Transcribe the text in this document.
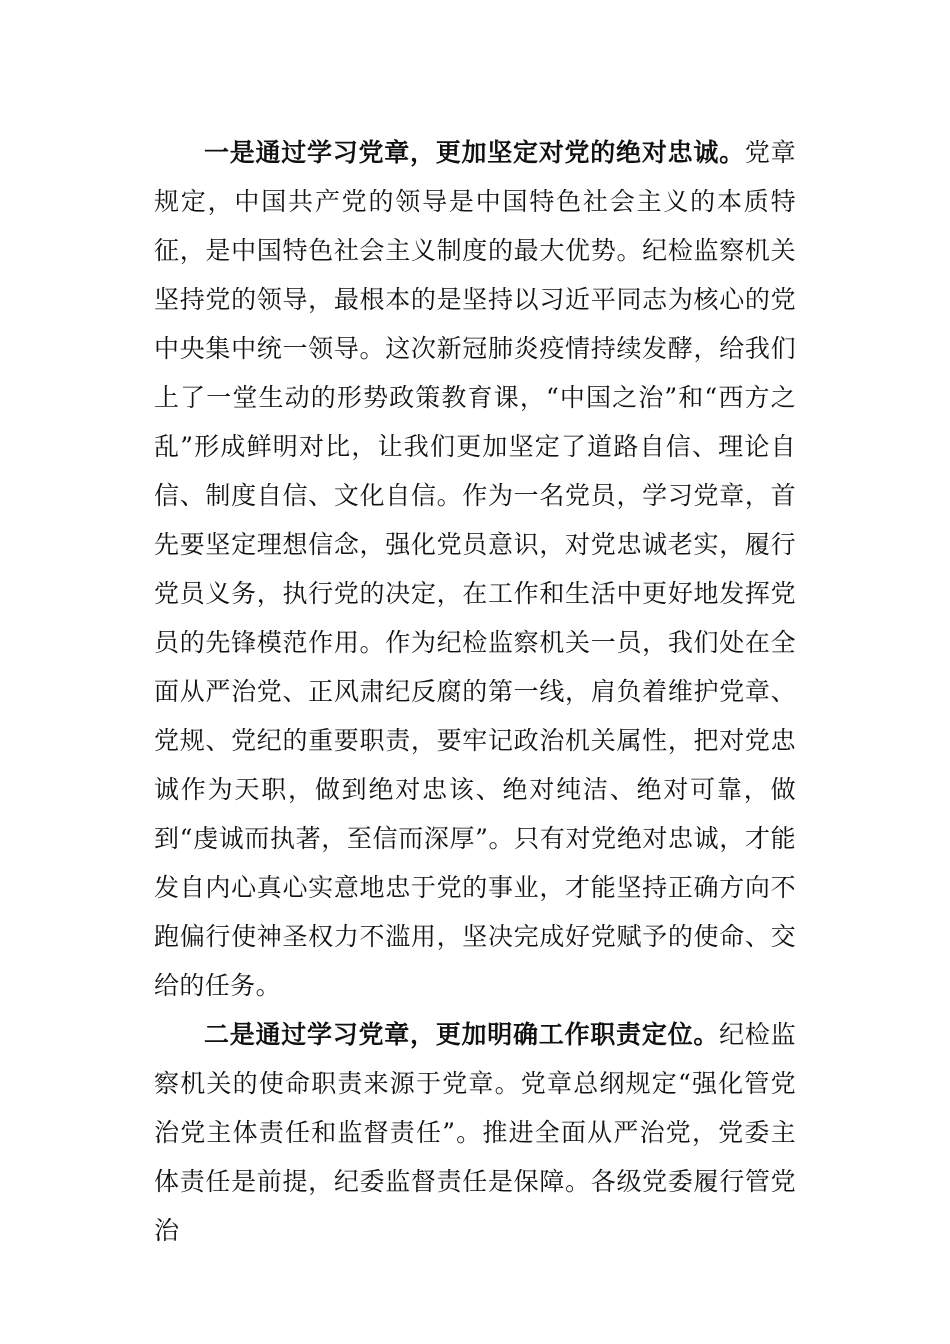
一是通过学习党章，更加坚定对党的绝对忠诚。党章规定，中国共产党的领导是中国特色社会主义的本质特征，是中国特色社会主义制度的最大优势。纪检监察机关坚持党的领导，最根本的是坚持以习近平同志为核心的党中央集中统一领导。这次新冠肺炎疫情持续发酵，给我们上了一堂生动的形势政策教育课，“中国之治”和“西方之乱”形成鲜明对比，让我们更加坚定了道路自信、理论自信、制度自信、文化自信。作为一名党员，学习党章，首先要坚定理想信念，强化党员意识，对党忠诚老实，履行党员义务，执行党的决定，在工作和生活中更好地发挥党员的先锋模范作用。作为纪检监察机关一员，我们处在全面从严治党、正风肃纪反腐的第一线，肩负着维护党章、党规、党纪的重要职责，要牢记政治机关属性，把对党忠诚作为天职，做到绝对忠该、绝对纯洁、绝对可靠，做到“虔诚而执著，至信而深厚”。只有对党绝对忠诚，才能发自内心真心实意地忠于党的事业，才能坚持正确方向不跑偏行使神圣权力不滥用，坚决完成好党赋予的使命、交给的任务。

二是通过学习党章，更加明确工作职责定位。纪检监察机关的使命职责来源于党章。党章总纲规定“强化管党治党主体责任和监督责任”。推进全面从严治党，党委主体责任是前提，纪委监督责任是保障。各级党委履行管党治
